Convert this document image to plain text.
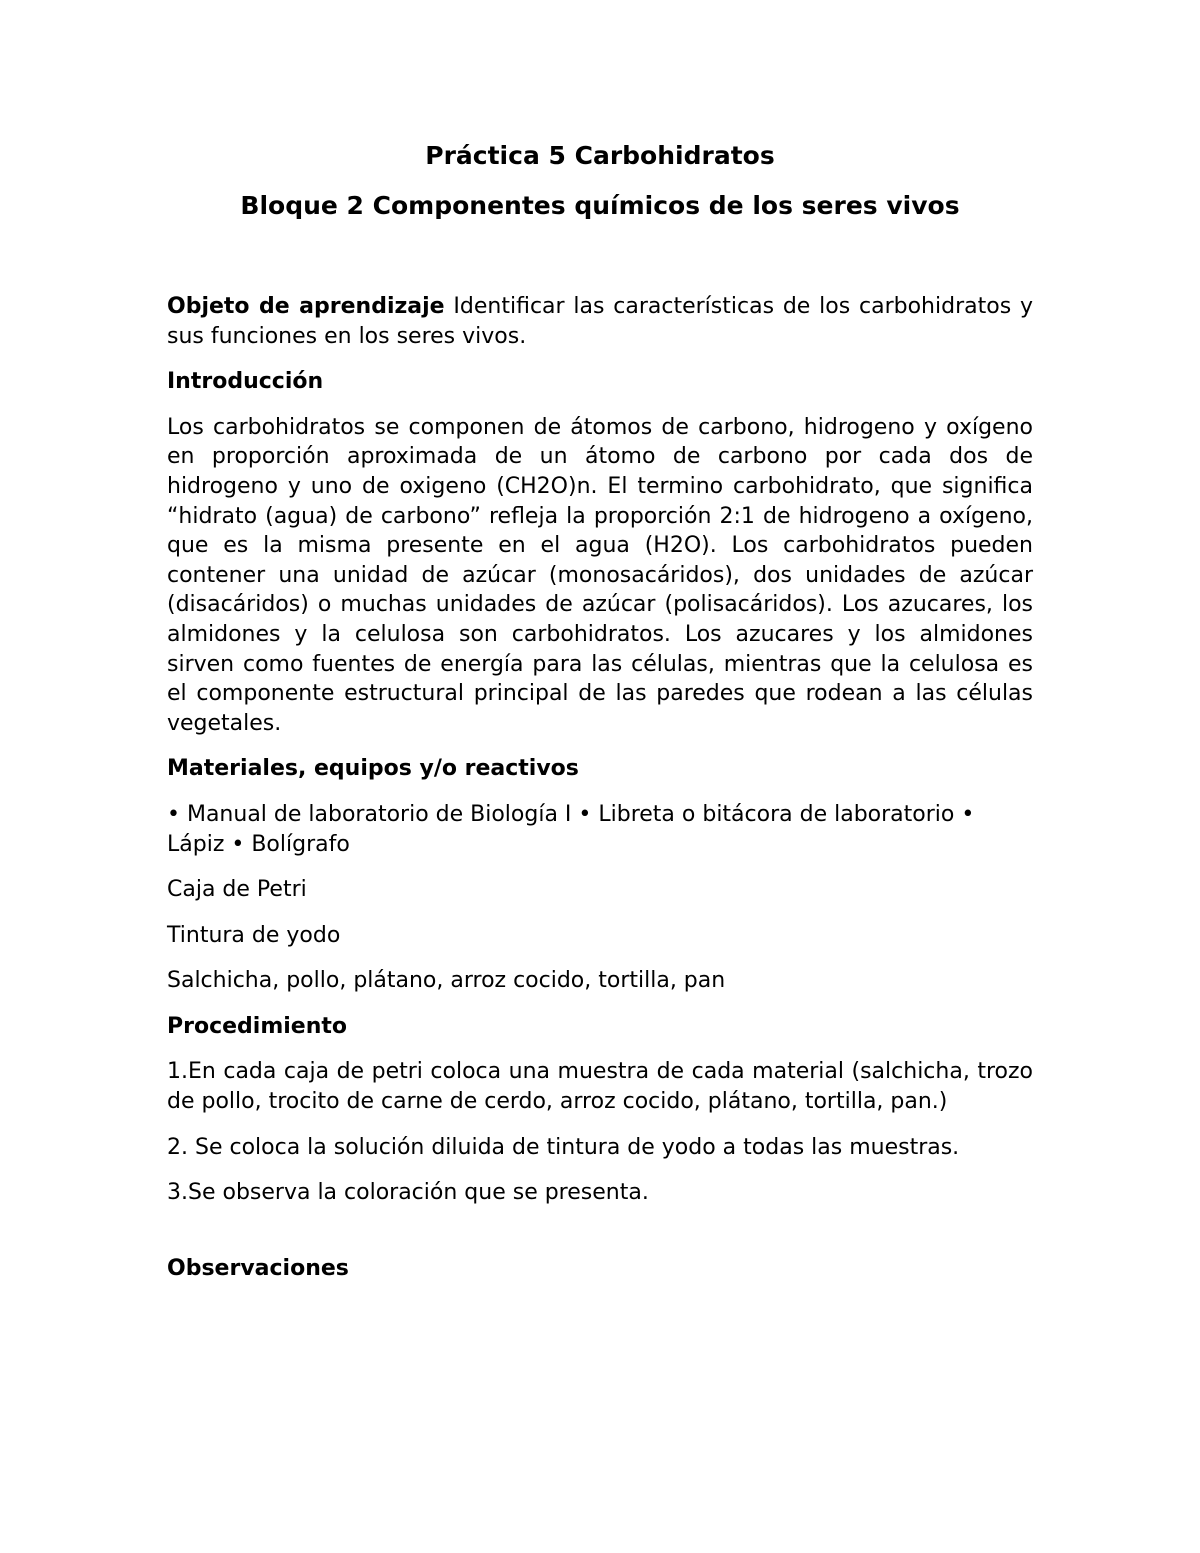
Práctica 5 Carbohidratos
Bloque 2 Componentes químicos de los seres vivos

Objeto de aprendizaje Identificar las características de los carbohidratos y sus funciones en los seres vivos.

Introducción

Los carbohidratos se componen de átomos de carbono, hidrogeno y oxígeno en proporción aproximada de un átomo de carbono por cada dos de hidrogeno y uno de oxigeno (CH2O)n. El termino carbohidrato, que significa “hidrato (agua) de carbono” refleja la proporción 2:1 de hidrogeno a oxígeno, que es la misma presente en el agua (H2O). Los carbohidratos pueden contener una unidad de azúcar (monosacáridos), dos unidades de azúcar (disacáridos) o muchas unidades de azúcar (polisacáridos). Los azucares, los almidones y la celulosa son carbohidratos. Los azucares y los almidones sirven como fuentes de energía para las células, mientras que la celulosa es el componente estructural principal de las paredes que rodean a las células vegetales.

Materiales, equipos y/o reactivos

• Manual de laboratorio de Biología I • Libreta o bitácora de laboratorio • Lápiz • Bolígrafo

Caja de Petri

Tintura de yodo

Salchicha, pollo, plátano, arroz cocido, tortilla, pan

Procedimiento

1.En cada caja de petri coloca una muestra de cada material (salchicha, trozo de pollo, trocito de carne de cerdo, arroz cocido, plátano, tortilla, pan.)

2. Se coloca la solución diluida de tintura de yodo a todas las muestras.

3.Se observa la coloración que se presenta.

Observaciones
